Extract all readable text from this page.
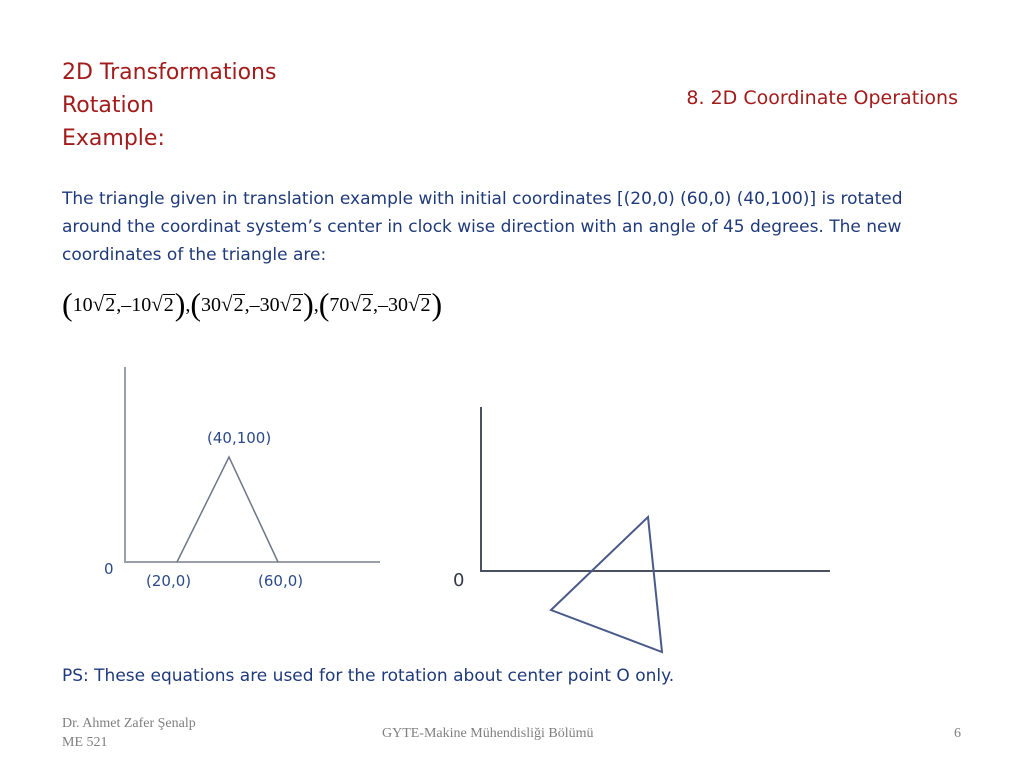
2D Transformations
Rotation
Example:
8. 2D Coordinate Operations
The triangle given in translation example with initial coordinates [(20,0) (60,0) (40,100)] is rotated around the coordinat system’s center in clock wise direction with an angle of 45 degrees. The new coordinates of the triangle are:
(10√2,–10√2),(30√2,–30√2),(70√2,–30√2)
0
(40,100)
(20,0)	(60,0)	0
PS: These equations are used for the rotation about center point O only.
Dr. Ahmet Zafer Şenalp
ME 521
GYTE-Makine Mühendisliği Bölümü	6
